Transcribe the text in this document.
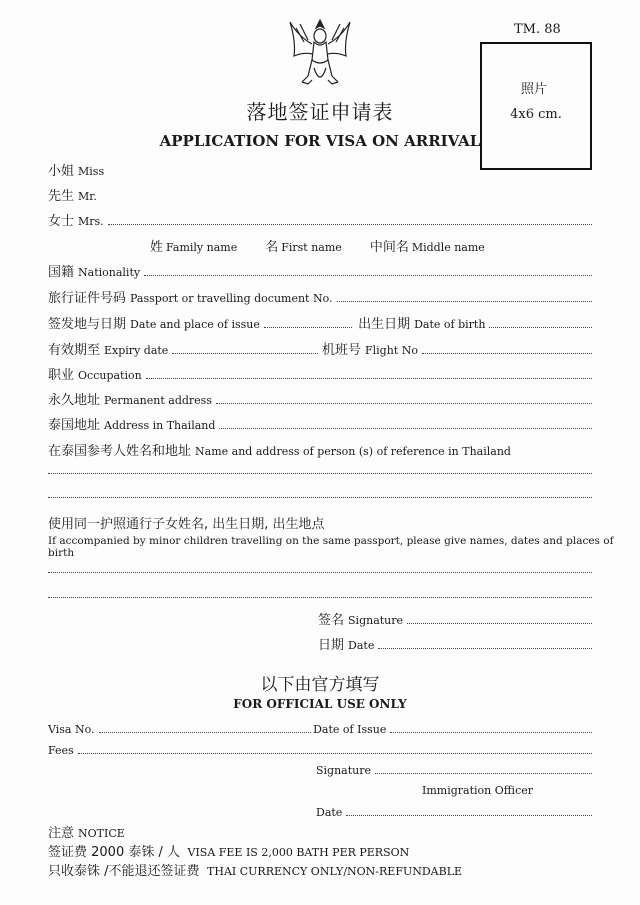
TM. 88
照片
4x6 cm.
落地签证申请表
APPLICATION FOR VISA ON ARRIVAL
小姐 Miss
先生 Mr.
女士 Mrs.
姓 Family name 名 First name 中间名 Middle name
国籍 Nationality
旅行证件号码 Passport or travelling document No.
签发地与日期 Date and place of issue	出生日期 Date of birth
有效期至 Expiry date	机班号 Flight No
职业 Occupation
永久地址 Permanent address
泰国地址 Address in Thailand
在泰国参考人姓名和地址 Name and address of person (s) of reference in Thailand
使用同一护照通行子女姓名, 出生日期, 出生地点
If accompanied by minor children travelling on the same passport, please give names, dates and places of birth
签名 Signature
日期 Date
以下由官方填写
FOR OFFICIAL USE ONLY
Visa No.	Date of Issue
Fees
Signature
Immigration Officer
Date
注意 NOTICE
签证费 2000 泰铢 / 人 VISA FEE IS 2,000 BATH PER PERSON
只收泰铢 /不能退还签证费 THAI CURRENCY ONLY/NON-REFUNDABLE
